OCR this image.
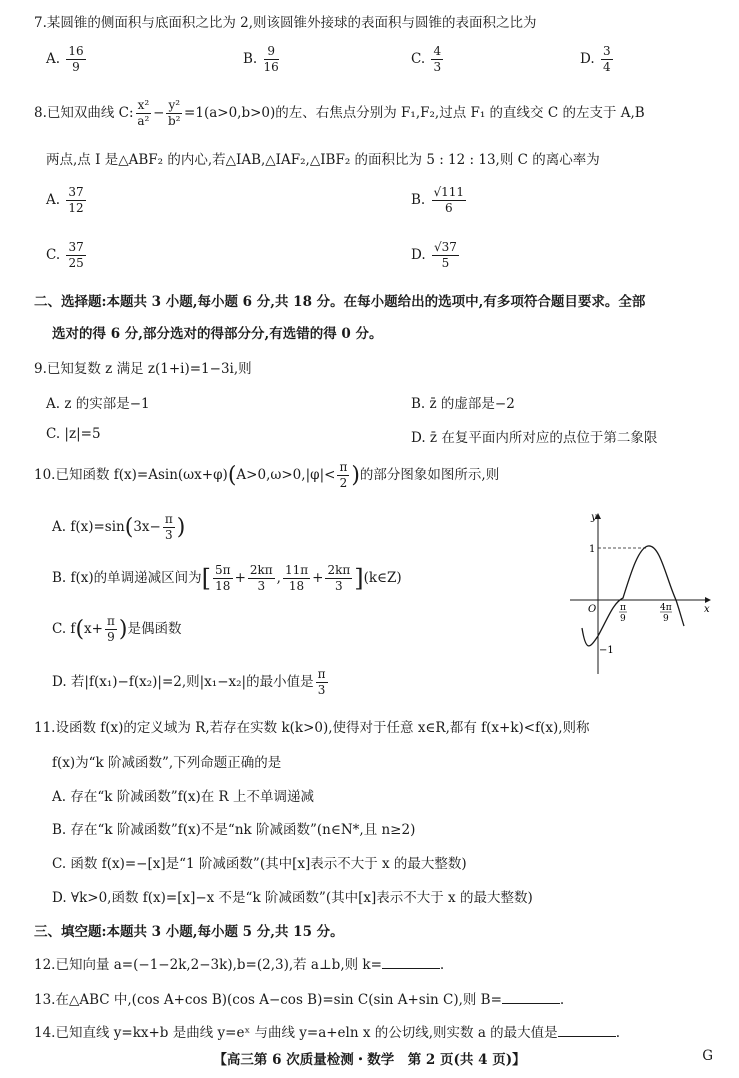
7.某圆锥的侧面积与底面积之比为 2,则该圆锥外接球的表面积与圆锥的表面积之比为
A. $\frac{16}{9}$	B. $\frac{9}{16}$	C. $\frac{4}{3}$	D. $\frac{3}{4}$
8.已知双曲线 C: $\frac{\text{x²}}{\text{a²}} - \frac{\text{y²}}{\text{b²}} =1(a>0,b>0)$的左、右焦点分别为 F₁,F₂,过点 F₁ 的直线交 C 的左支于 A,B
两点,点 I 是△ABF₂ 的内心,若△IAB,△IAF₂,△IBF₂ 的面积比为 5 : 12 : 13,则 C 的离心率为
A. $\frac{37}{12}$	B. $\frac{√111}{6}$
C. $\frac{37}{25}$	D. $\frac{√37}{5}$
二、选择题:本题共 3 小题,每小题 6 分,共 18 分。在每小题给出的选项中,有多项符合题目要求。全部
选对的得 6 分,部分选对的得部分分,有选错的得 0 分。
9.已知复数 z 满足 z(1+i)=1−3i,则
A. z 的实部是−1	B. z̄ 的虚部是−2
C. |z|=5	D. z̄ 在复平面内所对应的点位于第二象限
10.已知函数 $f(x)=Asin(\omega x+\varphi)(A>0,\omega>0,|\varphi|< \frac{\pi}{2}$ )的部分图象如图所示,则
A. $f(x)=\sin(3x- \frac{\pi}{3}$ )
B. f(x)的单调递减区间为[ $\frac{5\pi}{18} + \frac{2k\pi}{3}$ , $\frac{11\pi}{18} + \frac{2k\pi}{3}$ ](k∈Z)
C. $f(x+ \frac{\pi}{9}$ )是偶函数
D. 若|f(x₁)−f(x₂)|=2,则|x₁−x₂|的最小值是 $\frac{\pi}{3}$
y
x
O
1
−1
π
9
4π
9
11.设函数 f(x)的定义域为 R,若存在实数 k(k>0),使得对于任意 x∈R,都有 f(x+k)<f(x),则称
f(x)为“k 阶减函数”,下列命题正确的是
A. 存在“k 阶减函数”f(x)在 R 上不单调递减
B. 存在“k 阶减函数”f(x)不是“nk 阶减函数”(n∈N*,且 n≥2)
C. 函数 f(x)=−[x]是“1 阶减函数”(其中[x]表示不大于 x 的最大整数)
D. ∀k>0,函数 f(x)=[x]−x 不是“k 阶减函数”(其中[x]表示不大于 x 的最大整数)
三、填空题:本题共 3 小题,每小题 5 分,共 15 分。
12.已知向量 a=(−1−2k,2−3k),b=(2,3),若 a⊥b,则 k=	.
13.在△ABC 中,(cos A+cos B)(cos A−cos B)=sin C(sin A+sin C),则 B=	.
14.已知直线 y=kx+b 是曲线 y=eˣ 与曲线 y=a+eln x 的公切线,则实数 a 的最大值是	.
【高三第 6 次质量检测・数学　第 2 页(共 4 页)】	G
